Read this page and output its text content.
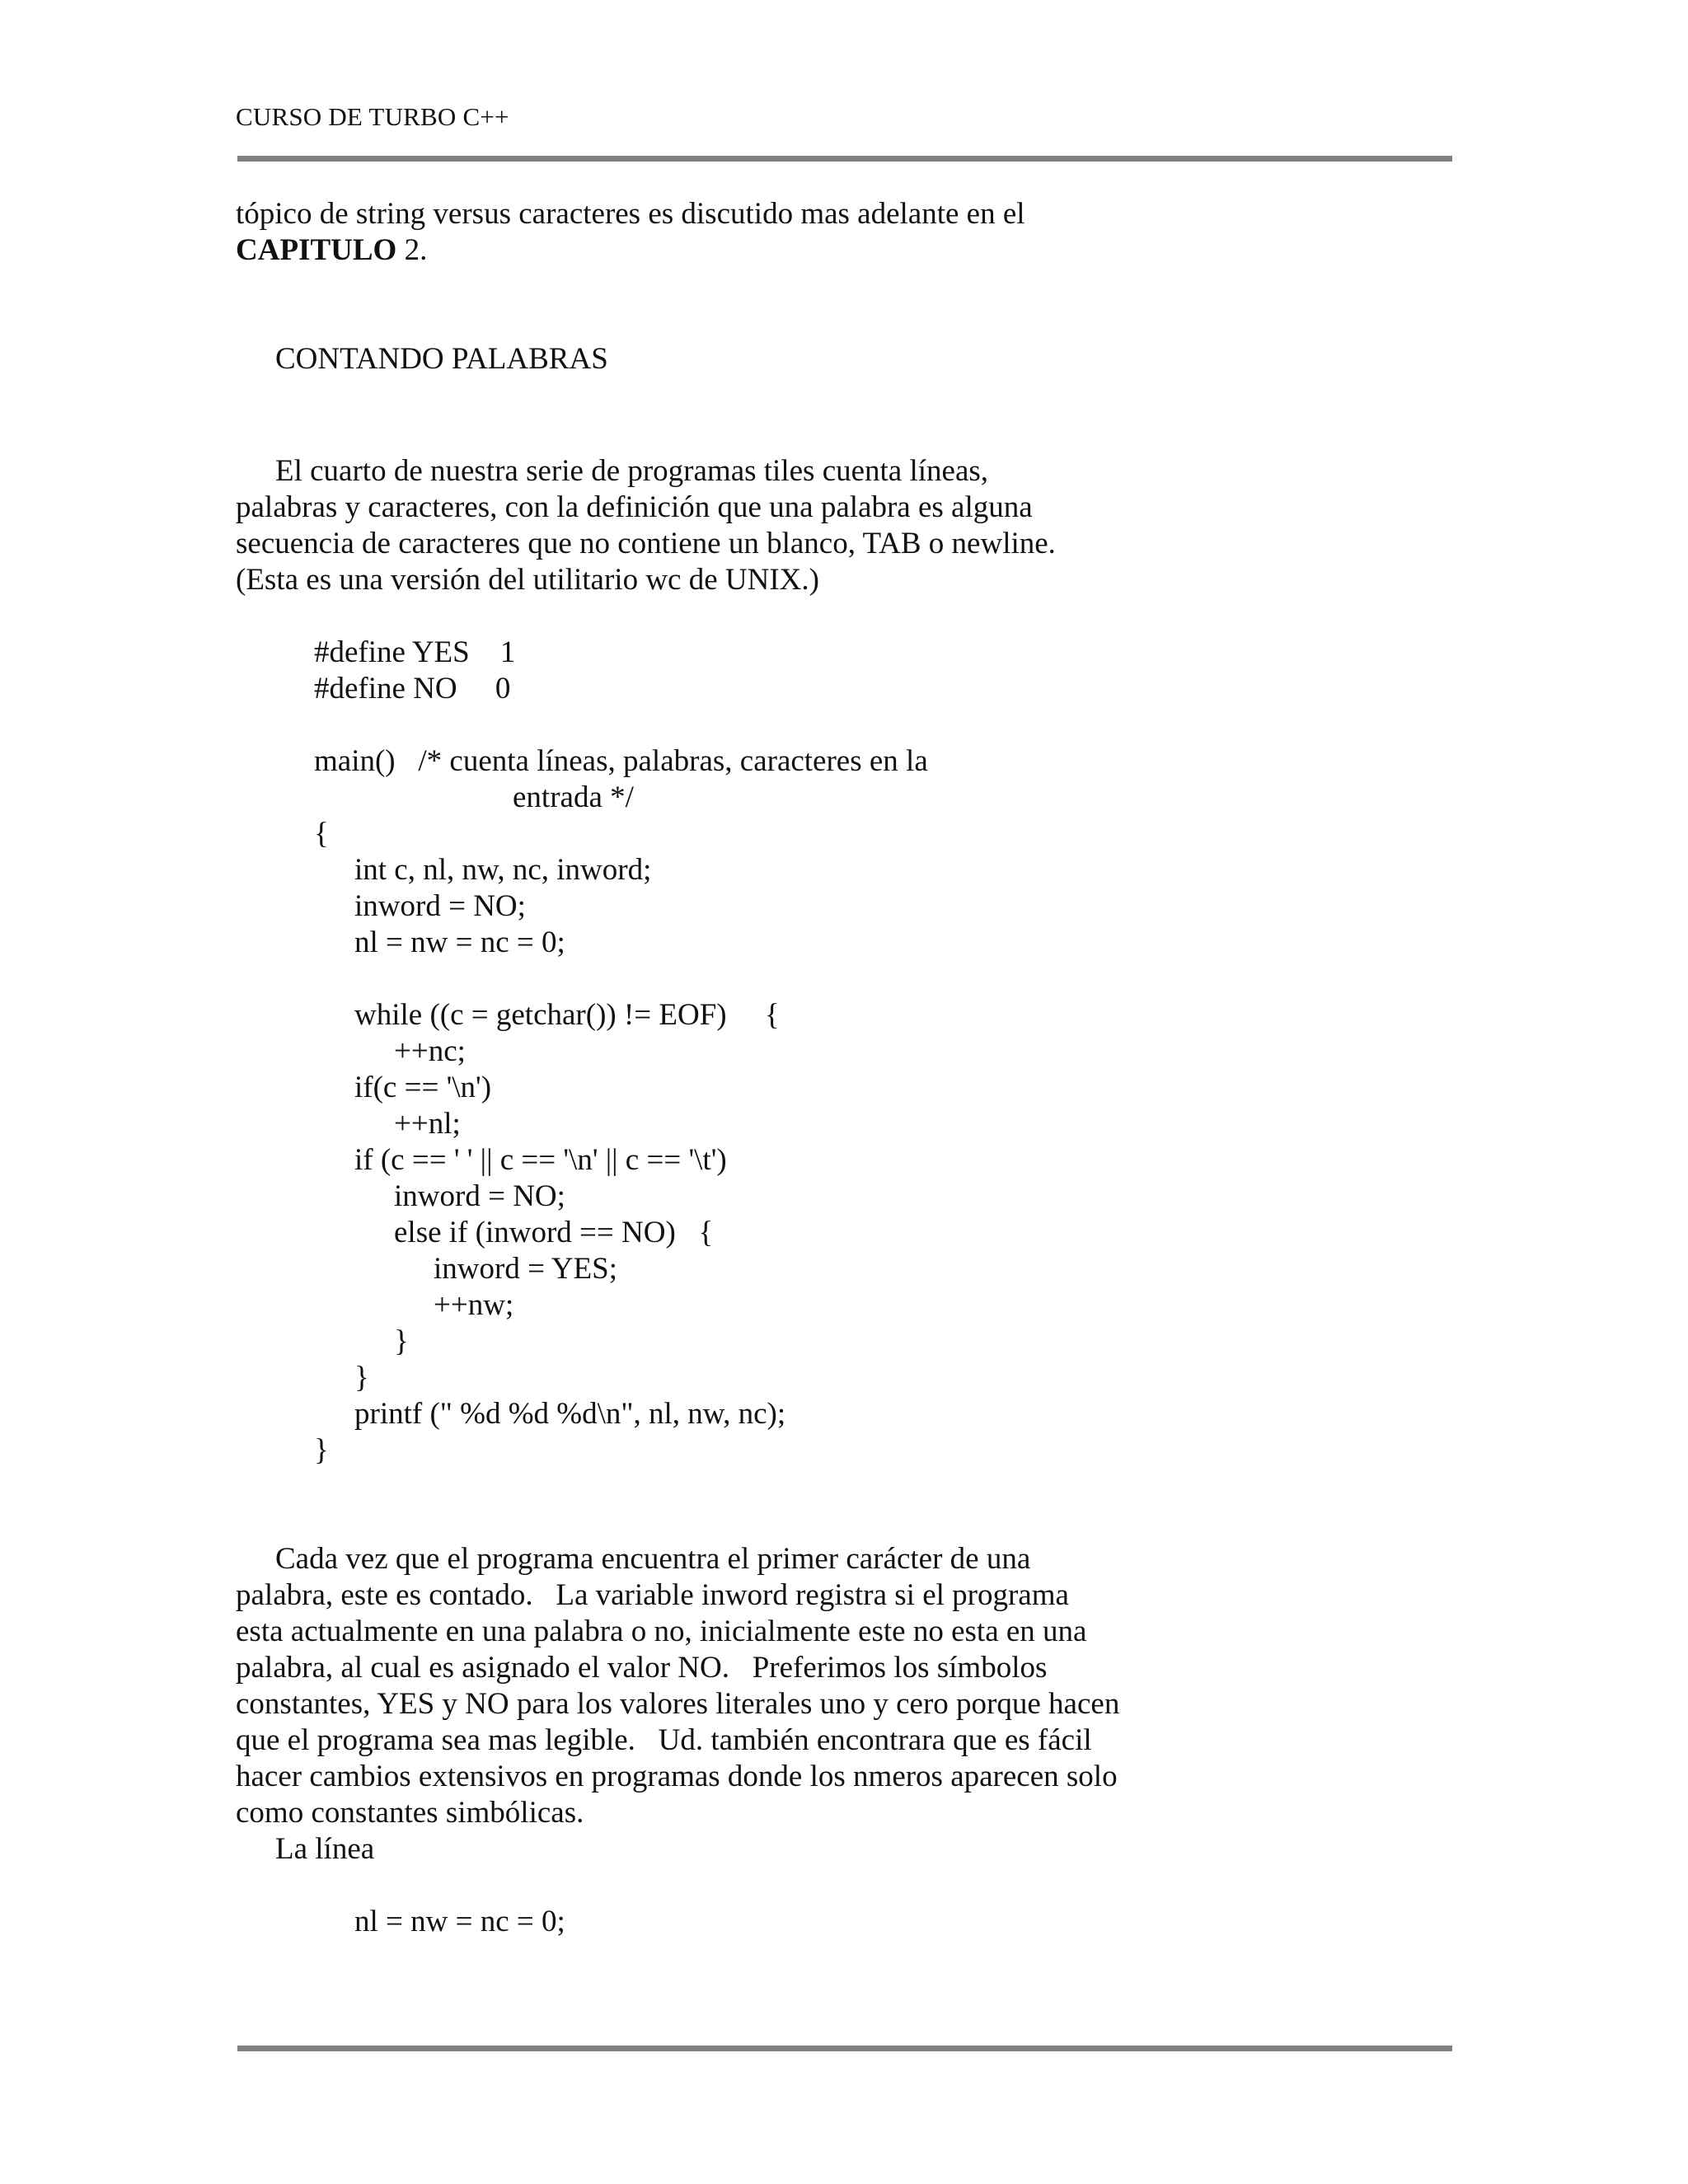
CURSO DE TURBO C++
tópico de string versus caracteres es discutido mas adelante en el
CAPITULO 2.
CONTANDO PALABRAS
El cuarto de nuestra serie de programas tiles cuenta líneas,
palabras y caracteres, con la definición que una palabra es alguna
secuencia de caracteres que no contiene un blanco, TAB o newline.
(Esta es una versión del utilitario wc de UNIX.)
#define YES    1
#define NO     0
main()   /* cuenta líneas, palabras, caracteres en la
entrada */
{
int c, nl, nw, nc, inword;
inword = NO;
nl = nw = nc = 0;
while ((c = getchar()) != EOF)     {
++nc;
if(c == '\n')
++nl;
if (c == ' ' || c == '\n' || c == '\t')
inword = NO;
else if (inword == NO)   {
inword = YES;
++nw;
}
}
printf (" %d %d %d\n", nl, nw, nc);
}
Cada vez que el programa encuentra el primer carácter de una
palabra, este es contado.   La variable inword registra si el programa
esta actualmente en una palabra o no, inicialmente este no esta en una
palabra, al cual es asignado el valor NO.   Preferimos los símbolos
constantes, YES y NO para los valores literales uno y cero porque hacen
que el programa sea mas legible.   Ud. también encontrara que es fácil
hacer cambios extensivos en programas donde los nmeros aparecen solo
como constantes simbólicas.
La línea
nl = nw = nc = 0;
